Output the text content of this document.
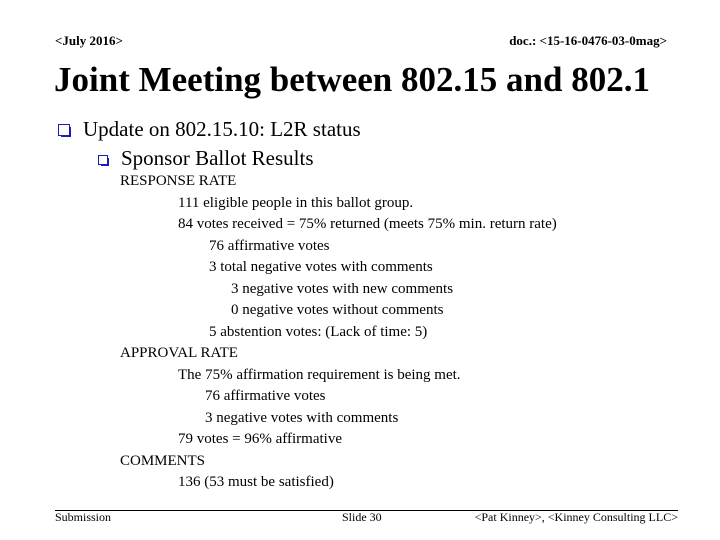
<July 2016>	doc.: <15-16-0476-03-0mag>
Joint Meeting between 802.15 and 802.1
Update on 802.15.10: L2R status
Sponsor Ballot Results
RESPONSE RATE
111 eligible people in this ballot group.
84 votes received = 75% returned (meets 75% min. return rate)
76 affirmative votes
3 total negative votes with comments
3 negative votes with new comments
0 negative votes without comments
5 abstention votes: (Lack of time: 5)
APPROVAL RATE
The 75% affirmation requirement is being met.
76 affirmative votes
3 negative votes with comments
79 votes = 96% affirmative
COMMENTS
136 (53 must be satisfied)
Submission	Slide 30	<Pat Kinney>, <Kinney Consulting LLC>
